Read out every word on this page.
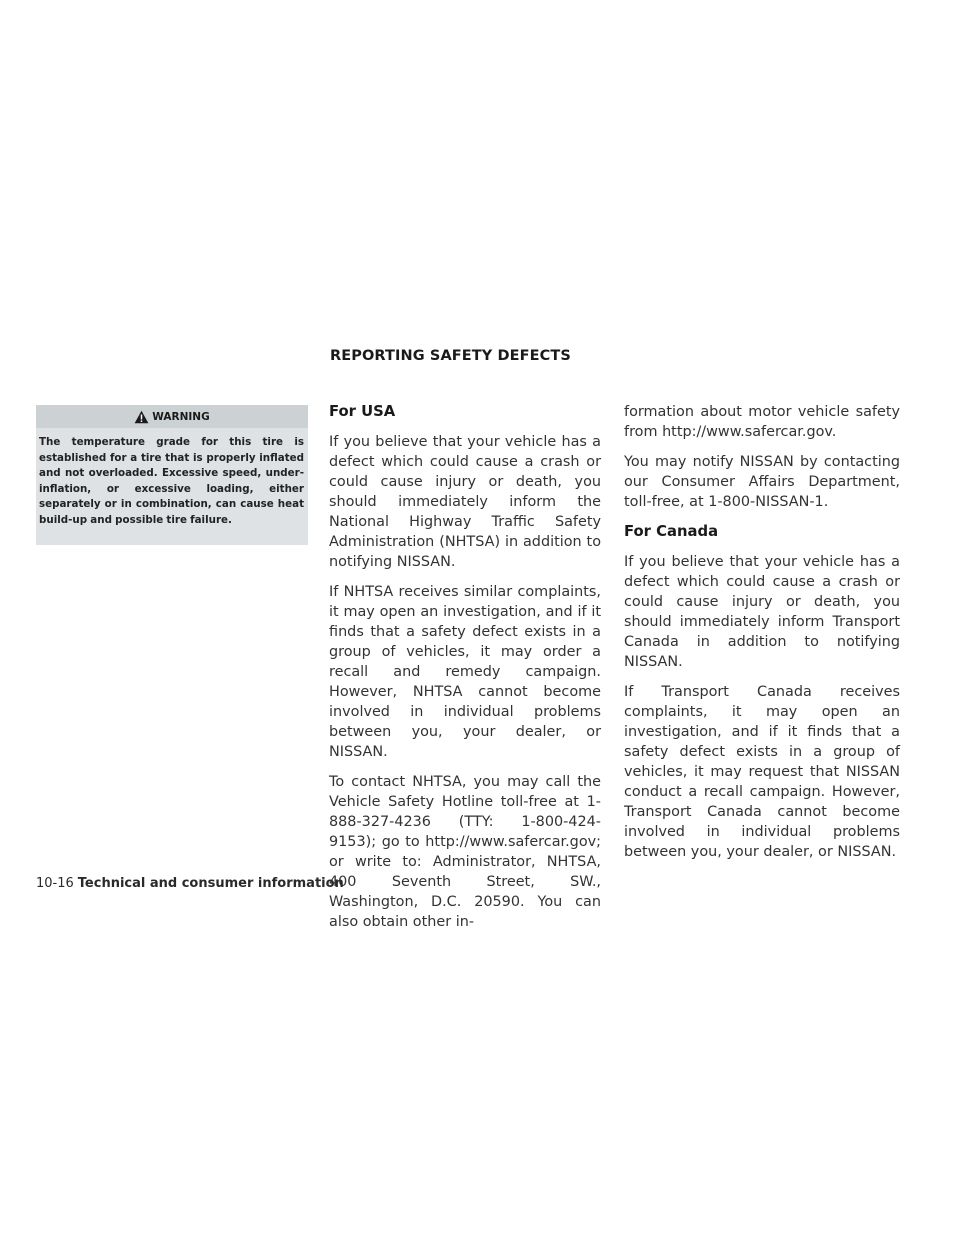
REPORTING SAFETY DEFECTS
WARNING
The temperature grade for this tire is established for a tire that is properly inflated and not overloaded. Excessive speed, under-inflation, or excessive loading, either separately or in combination, can cause heat build-up and possible tire failure.
For USA

If you believe that your vehicle has a defect which could cause a crash or could cause injury or death, you should immediately inform the National Highway Traffic Safety Administration (NHTSA) in addition to notifying NISSAN.

If NHTSA receives similar complaints, it may open an investigation, and if it finds that a safety defect exists in a group of vehicles, it may order a recall and remedy campaign. However, NHTSA cannot become involved in individual problems between you, your dealer, or NISSAN.

To contact NHTSA, you may call the Vehicle Safety Hotline toll-free at 1-888-327-4236 (TTY: 1-800-424-9153); go to http://www.safercar.gov; or write to: Administrator, NHTSA, 400 Seventh Street, SW., Washington, D.C. 20590. You can also obtain other in-

formation about motor vehicle safety from http://www.safercar.gov.

You may notify NISSAN by contacting our Consumer Affairs Department, toll-free, at 1-800-NISSAN-1.

For Canada

If you believe that your vehicle has a defect which could cause a crash or could cause injury or death, you should immediately inform Transport Canada in addition to notifying NISSAN.

If Transport Canada receives complaints, it may open an investigation, and if it finds that a safety defect exists in a group of vehicles, it may request that NISSAN conduct a recall campaign. However, Transport Canada cannot become involved in individual problems between you, your dealer, or NISSAN.

10-16 Technical and consumer information
